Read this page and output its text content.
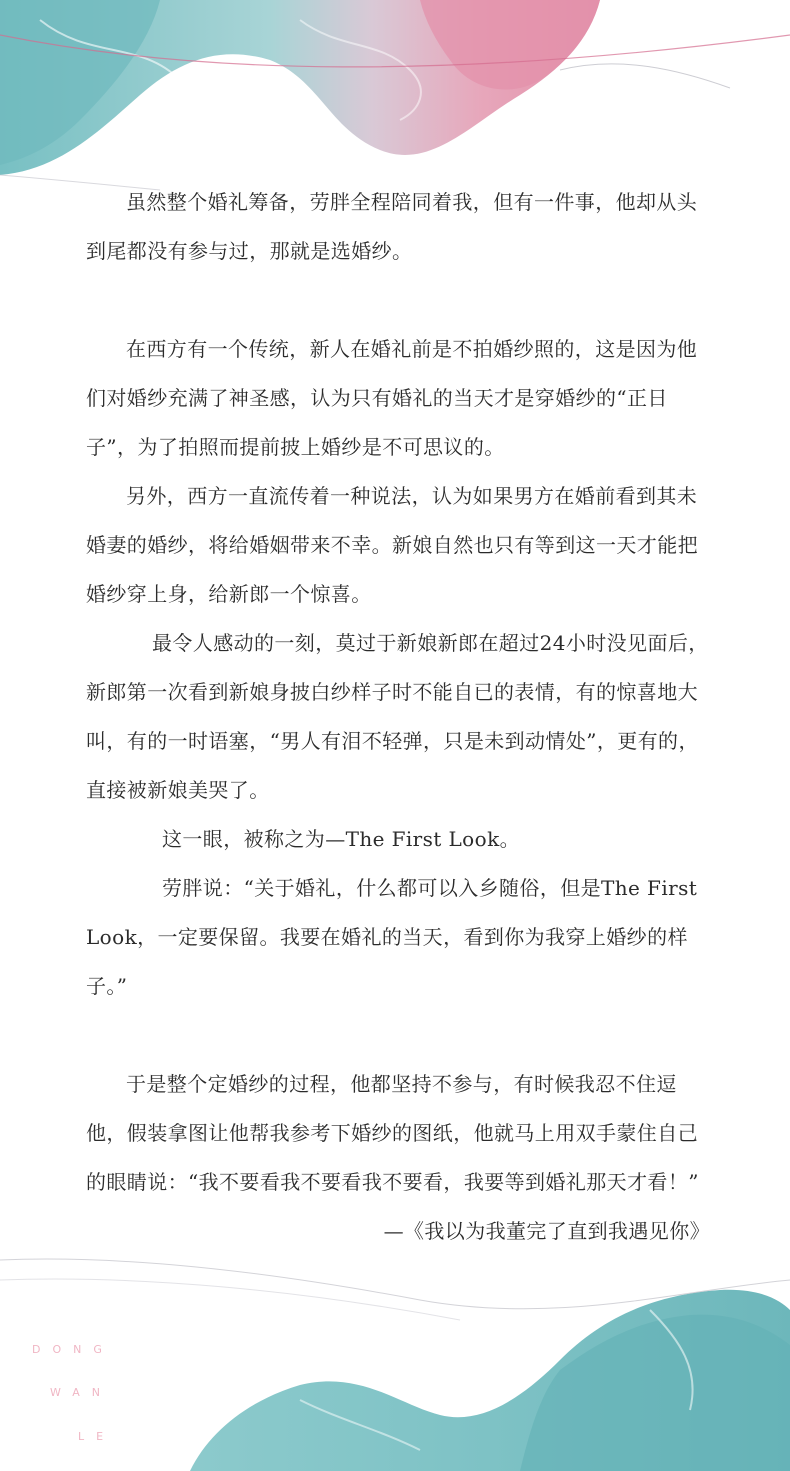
虽然整个婚礼筹备，劳胖全程陪同着我，但有一件事，他却从头到尾都没有参与过，那就是选婚纱。

在西方有一个传统，新人在婚礼前是不拍婚纱照的，这是因为他们对婚纱充满了神圣感，认为只有婚礼的当天才是穿婚纱的“正日子”，为了拍照而提前披上婚纱是不可思议的。

另外，西方一直流传着一种说法，认为如果男方在婚前看到其未婚妻的婚纱，将给婚姻带来不幸。新娘自然也只有等到这一天才能把婚纱穿上身，给新郎一个惊喜。

最令人感动的一刻，莫过于新娘新郎在超过24小时没见面后，新郎第一次看到新娘身披白纱样子时不能自已的表情，有的惊喜地大叫，有的一时语塞，“男人有泪不轻弹，只是未到动情处”，更有的，直接被新娘美哭了。

这一眼，被称之为—The First Look。

劳胖说：“关于婚礼，什么都可以入乡随俗，但是The First Look，一定要保留。我要在婚礼的当天，看到你为我穿上婚纱的样子。”

于是整个定婚纱的过程，他都坚持不参与，有时候我忍不住逗他，假装拿图让他帮我参考下婚纱的图纸，他就马上用双手蒙住自己的眼睛说：“我不要看我不要看我不要看，我要等到婚礼那天才看！”

—《我以为我董完了直到我遇见你》

DONG
WAN
LE
